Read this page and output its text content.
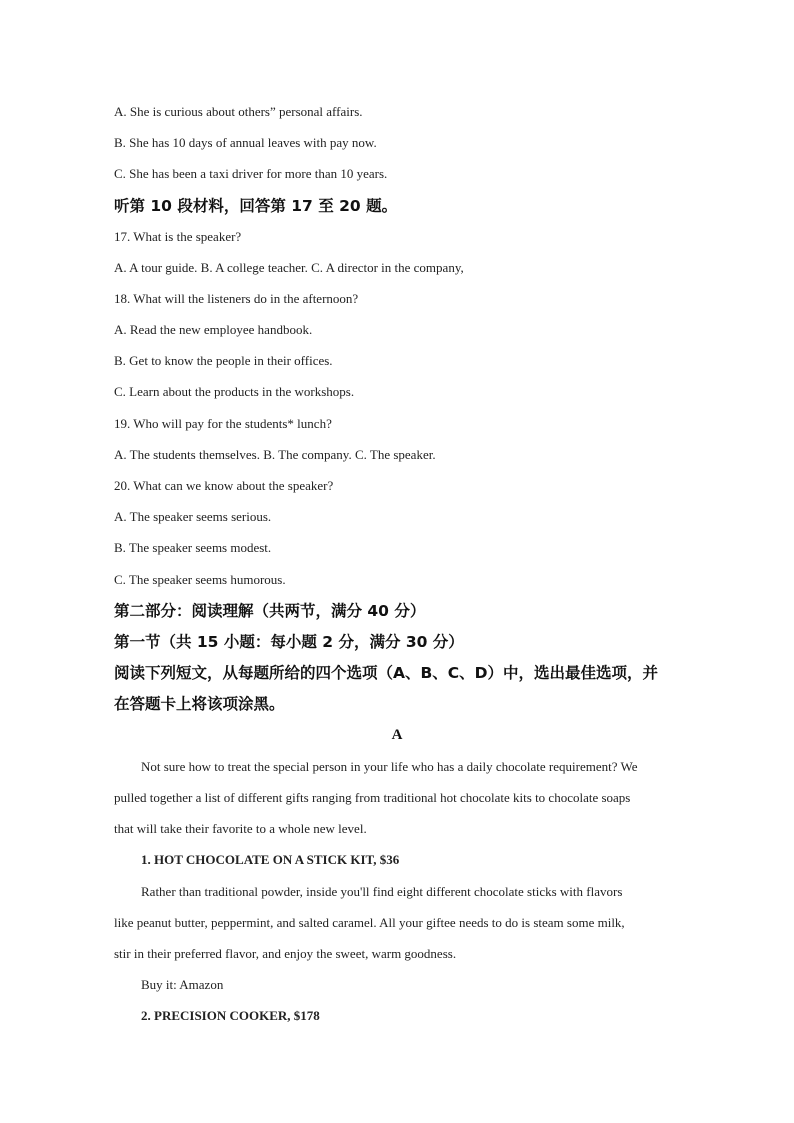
A. She is curious about others” personal affairs.
B. She has 10 days of annual leaves with pay now.
C. She has been a taxi driver for more than 10 years.
听第 10 段材料，回答第 17 至 20 题。
17. What is the speaker?
A. A tour guide. B. A college teacher. C. A director in the company,
18. What will the listeners do in the afternoon?
A. Read the new employee handbook.
B. Get to know the people in their offices.
C. Learn about the products in the workshops.
19. Who will pay for the students* lunch?
A. The students themselves. B. The company. C. The speaker.
20. What can we know about the speaker?
A. The speaker seems serious.
B. The speaker seems modest.
C. The speaker seems humorous.
第二部分：阅读理解（共两节，满分 40 分）
第一节（共 15 小题：每小题 2 分，满分 30 分）
阅读下列短文，从每题所给的四个选项（A、B、C、D）中，选出最佳选项，并
在答题卡上将该项涂黑。
A
Not sure how to treat the special person in your life who has a daily chocolate requirement? We
pulled together a list of different gifts ranging from traditional hot chocolate kits to chocolate soaps
that will take their favorite to a whole new level.
1. HOT CHOCOLATE ON A STICK KIT, $36
Rather than traditional powder, inside you'll find eight different chocolate sticks with flavors
like peanut butter, peppermint, and salted caramel. All your giftee needs to do is steam some milk,
stir in their preferred flavor, and enjoy the sweet, warm goodness.
Buy it: Amazon
2. PRECISION COOKER, $178
